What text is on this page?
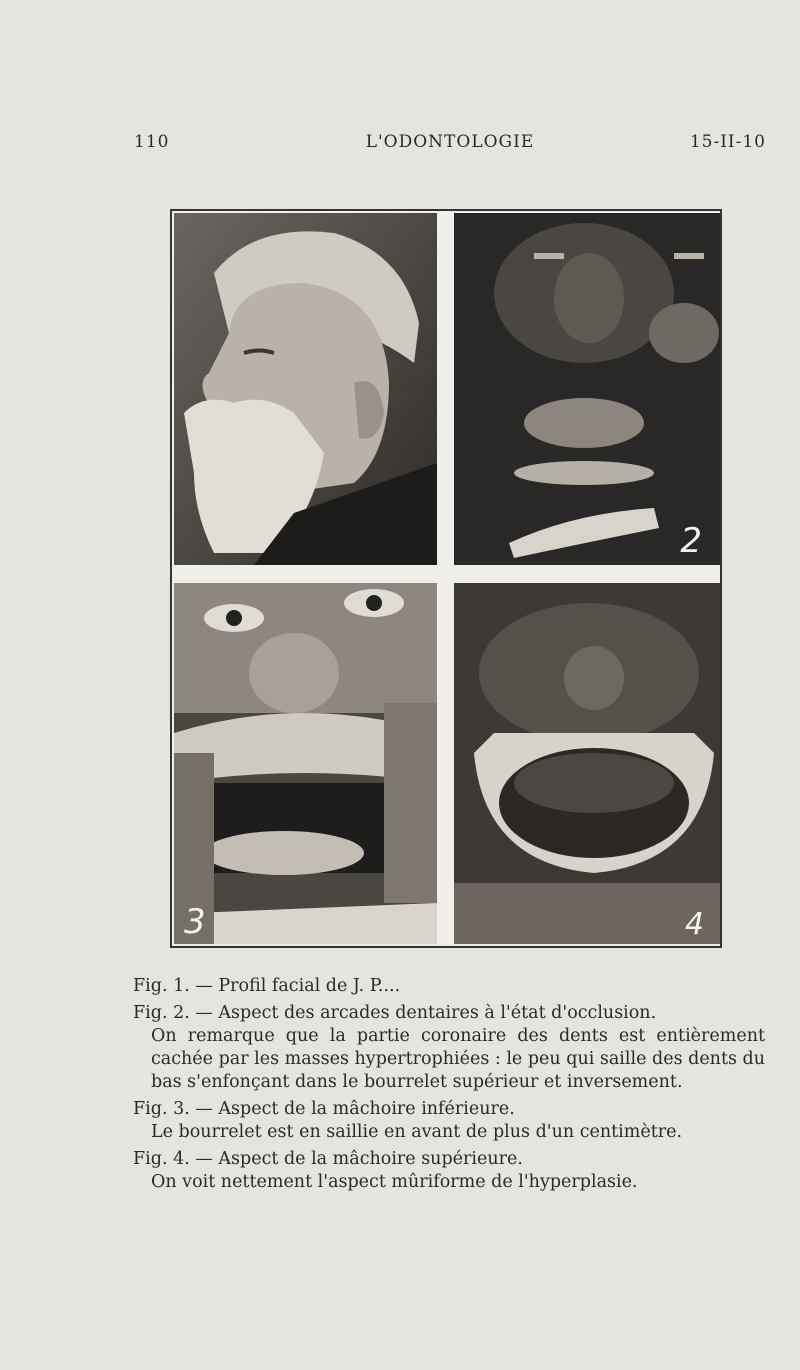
110	L'ODONTOLOGIE	15-II-10
2
3	4

Fig. 1. — Profil facial de J. P....

Fig. 2. — Aspect des arcades dentaires à l'état d'occlusion.
On remarque que la partie coronaire des dents est entièrement cachée par les masses hypertrophiées : le peu qui saille des dents du bas s'enfonçant dans le bourrelet supérieur et inversement.

Fig. 3. — Aspect de la mâchoire inférieure.
Le bourrelet est en saillie en avant de plus d'un centimètre.

Fig. 4. — Aspect de la mâchoire supérieure.
On voit nettement l'aspect mûriforme de l'hyperplasie.
